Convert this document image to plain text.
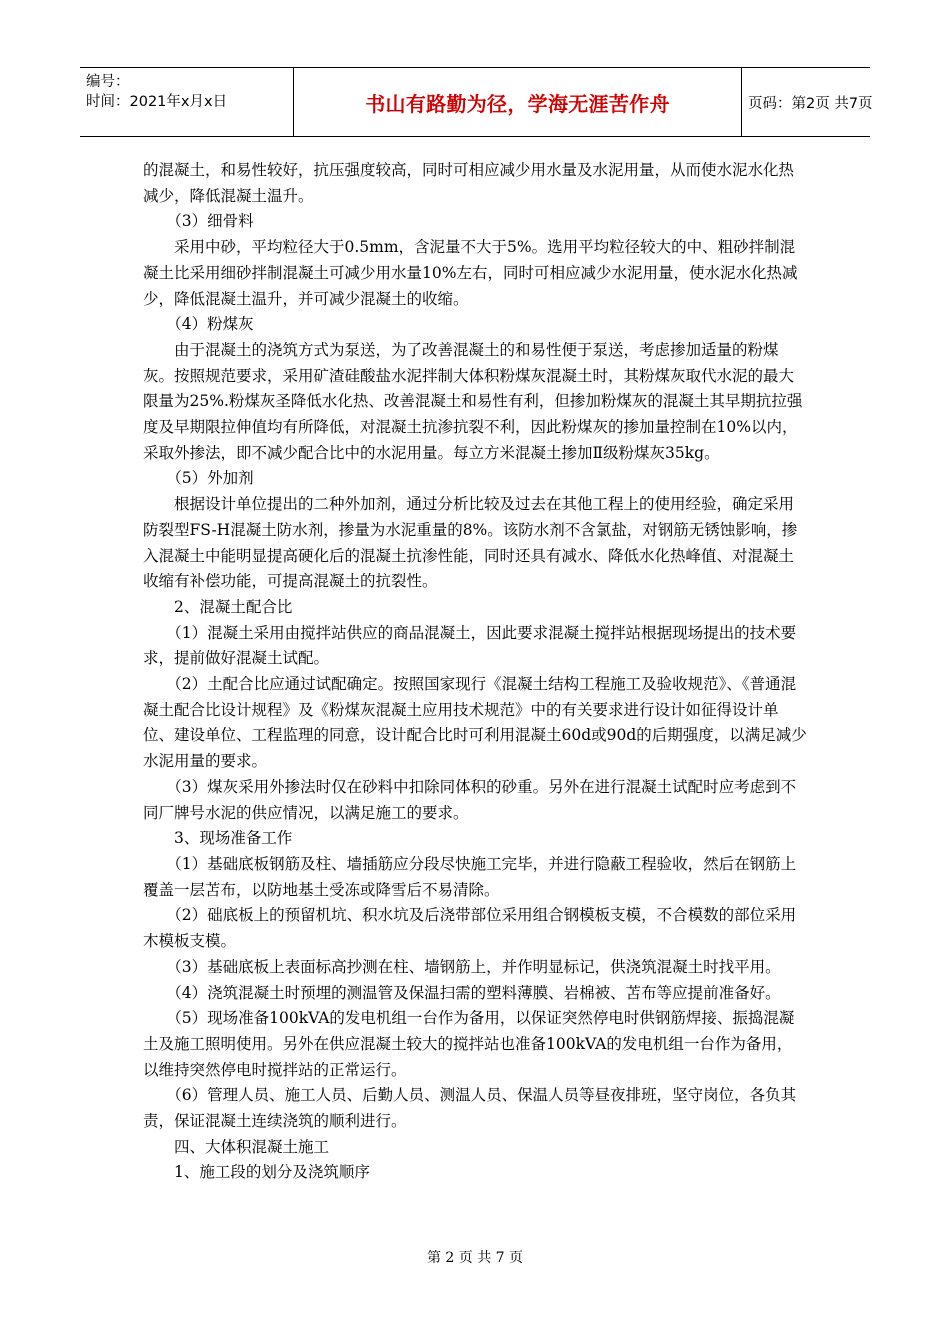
编号：
时间：2021年x月x日	书山有路勤为径，学海无涯苦作舟	页码：第2页 共7页

的混凝土，和易性较好，抗压强度较高，同时可相应减少用水量及水泥用量，从而使水泥水化热减少，降低混凝土温升。

（3）细骨料

采用中砂，平均粒径大于0.5mm，含泥量不大于5%。选用平均粒径较大的中、粗砂拌制混凝土比采用细砂拌制混凝土可减少用水量10%左右，同时可相应减少水泥用量，使水泥水化热减少，降低混凝土温升，并可减少混凝土的收缩。

（4）粉煤灰

由于混凝土的浇筑方式为泵送，为了改善混凝土的和易性便于泵送，考虑掺加适量的粉煤灰。按照规范要求，采用矿渣硅酸盐水泥拌制大体积粉煤灰混凝土时，其粉煤灰取代水泥的最大限量为25%.粉煤灰圣降低水化热、改善混凝土和易性有利，但掺加粉煤灰的混凝土其早期抗拉强度及早期限拉伸值均有所降低，对混凝土抗渗抗裂不利，因此粉煤灰的掺加量控制在10%以内，采取外掺法，即不减少配合比中的水泥用量。每立方米混凝土掺加Ⅱ级粉煤灰35kg。

（5）外加剂

根据设计单位提出的二种外加剂，通过分析比较及过去在其他工程上的使用经验，确定采用防裂型FS-H混凝土防水剂，掺量为水泥重量的8%。该防水剂不含氯盐，对钢筋无锈蚀影响，掺入混凝土中能明显提高硬化后的混凝土抗渗性能，同时还具有减水、降低水化热峰值、对混凝土收缩有补偿功能，可提高混凝土的抗裂性。

2、混凝土配合比

（1）混凝土采用由搅拌站供应的商品混凝土，因此要求混凝土搅拌站根据现场提出的技术要求，提前做好混凝土试配。

（2）土配合比应通过试配确定。按照国家现行《混凝土结构工程施工及验收规范》、《普通混凝土配合比设计规程》及《粉煤灰混凝土应用技术规范》中的有关要求进行设计如征得设计单位、建设单位、工程监理的同意，设计配合比时可利用混凝土60d或90d的后期强度，以满足减少水泥用量的要求。

（3）煤灰采用外掺法时仅在砂料中扣除同体积的砂重。另外在进行混凝土试配时应考虑到不同厂牌号水泥的供应情况，以满足施工的要求。

3、现场准备工作

（1）基础底板钢筋及柱、墙插筋应分段尽快施工完毕，并进行隐蔽工程验收，然后在钢筋上覆盖一层苫布，以防地基土受冻或降雪后不易清除。

（2）础底板上的预留机坑、积水坑及后浇带部位采用组合钢模板支模，不合模数的部位采用木模板支模。

（3）基础底板上表面标高抄测在柱、墙钢筋上，并作明显标记，供浇筑混凝土时找平用。

（4）浇筑混凝土时预埋的测温管及保温扫需的塑料薄膜、岩棉被、苫布等应提前准备好。

（5）现场准备100kVA的发电机组一台作为备用，以保证突然停电时供钢筋焊接、振捣混凝土及施工照明使用。另外在供应混凝土较大的搅拌站也准备100kVA的发电机组一台作为备用，以维持突然停电时搅拌站的正常运行。

（6）管理人员、施工人员、后勤人员、测温人员、保温人员等昼夜排班，坚守岗位，各负其责，保证混凝土连续浇筑的顺利进行。

四、大体积混凝土施工

1、施工段的划分及浇筑顺序

第 2 页 共 7 页
